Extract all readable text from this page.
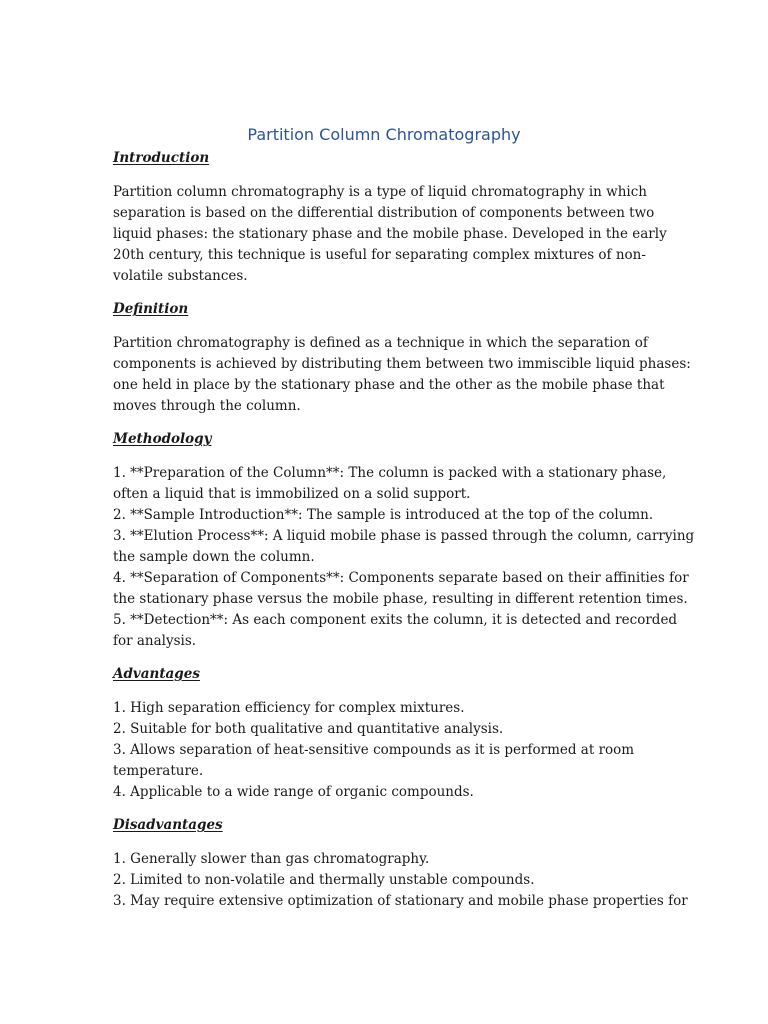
Partition Column Chromatography
Introduction
Partition column chromatography is a type of liquid chromatography in which
separation is based on the differential distribution of components between two
liquid phases: the stationary phase and the mobile phase. Developed in the early
20th century, this technique is useful for separating complex mixtures of non-
volatile substances.
Definition
Partition chromatography is defined as a technique in which the separation of
components is achieved by distributing them between two immiscible liquid phases:
one held in place by the stationary phase and the other as the mobile phase that
moves through the column.
Methodology
1. **Preparation of the Column**: The column is packed with a stationary phase,
often a liquid that is immobilized on a solid support.
2. **Sample Introduction**: The sample is introduced at the top of the column.
3. **Elution Process**: A liquid mobile phase is passed through the column, carrying
the sample down the column.
4. **Separation of Components**: Components separate based on their affinities for
the stationary phase versus the mobile phase, resulting in different retention times.
5. **Detection**: As each component exits the column, it is detected and recorded
for analysis.
Advantages
1. High separation efficiency for complex mixtures.
2. Suitable for both qualitative and quantitative analysis.
3. Allows separation of heat-sensitive compounds as it is performed at room
temperature.
4. Applicable to a wide range of organic compounds.
Disadvantages
1. Generally slower than gas chromatography.
2. Limited to non-volatile and thermally unstable compounds.
3. May require extensive optimization of stationary and mobile phase properties for
